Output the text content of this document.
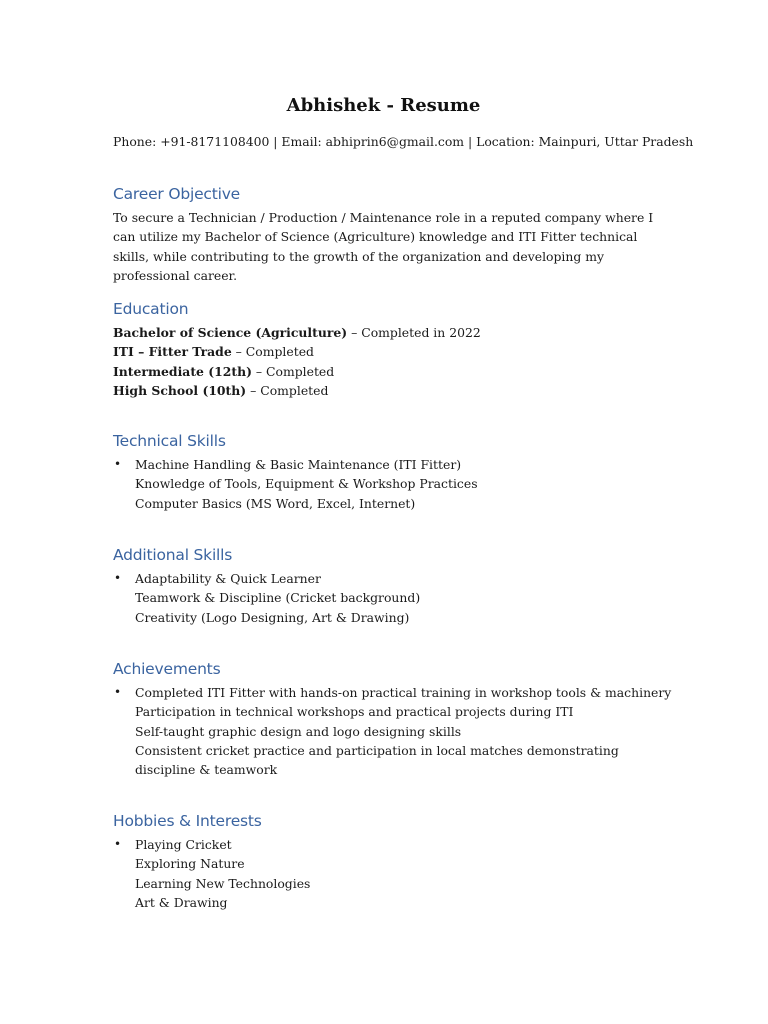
Abhishek - Resume
Phone: +91-8171108400 | Email: abhiprin6@gmail.com | Location: Mainpuri, Uttar Pradesh
Career Objective

To secure a Technician / Production / Maintenance role in a reputed company where I can utilize my Bachelor of Science (Agriculture) knowledge and ITI Fitter technical skills, while contributing to the growth of the organization and developing my professional career.

Education
Bachelor of Science (Agriculture) – Completed in 2022
ITI – Fitter Trade – Completed
Intermediate (12th) – Completed
High School (10th) – Completed
Technical Skills
• Machine Handling & Basic Maintenance (ITI Fitter)
Knowledge of Tools, Equipment & Workshop Practices
Computer Basics (MS Word, Excel, Internet)
Additional Skills
• Adaptability & Quick Learner
Teamwork & Discipline (Cricket background)
Creativity (Logo Designing, Art & Drawing)
Achievements
• Completed ITI Fitter with hands-on practical training in workshop tools & machinery
Participation in technical workshops and practical projects during ITI
Self-taught graphic design and logo designing skills
Consistent cricket practice and participation in local matches demonstrating discipline & teamwork
Hobbies & Interests
• Playing Cricket
Exploring Nature
Learning New Technologies
Art & Drawing
